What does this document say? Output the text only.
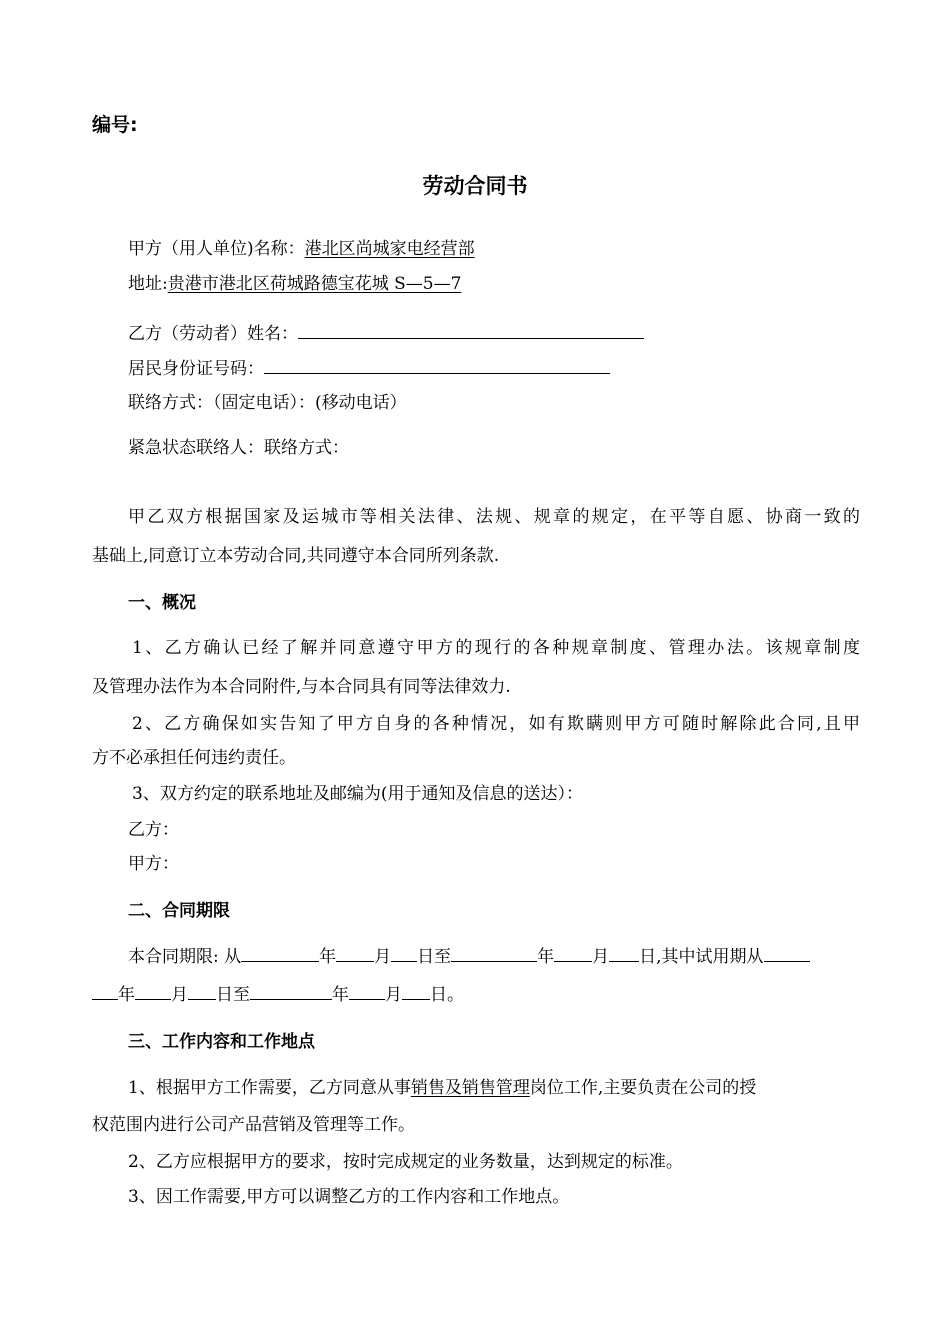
编号:
劳动合同书
甲方（用人单位)名称：港北区尚城家电经营部
地址:贵港市港北区荷城路德宝花城 S—5—7
乙方（劳动者）姓名：
居民身份证号码：
联络方式：（固定电话）：(移动电话）
紧急状态联络人：联络方式：
甲乙双方根据国家及运城市等相关法律、法规、规章的规定，在平等自愿、协商一致的
基础上,同意订立本劳动合同,共同遵守本合同所列条款.
一、概况
1、乙方确认已经了解并同意遵守甲方的现行的各种规章制度、管理办法。该规章制度
及管理办法作为本合同附件,与本合同具有同等法律效力.
2、乙方确保如实告知了甲方自身的各种情况，如有欺瞒则甲方可随时解除此合同,且甲
方不必承担任何违约责任。
3、双方约定的联系地址及邮编为(用于通知及信息的送达）：
乙方：
甲方：
二、合同期限
本合同期限: 从	年 月 日至	年 月 日,其中试用期从
年 月 日至	年 月 日。
三、工作内容和工作地点
1、根据甲方工作需要，乙方同意从事销售及销售管理岗位工作,主要负责在公司的授
权范围内进行公司产品营销及管理等工作。
2、乙方应根据甲方的要求，按时完成规定的业务数量，达到规定的标准。
3、因工作需要,甲方可以调整乙方的工作内容和工作地点。
